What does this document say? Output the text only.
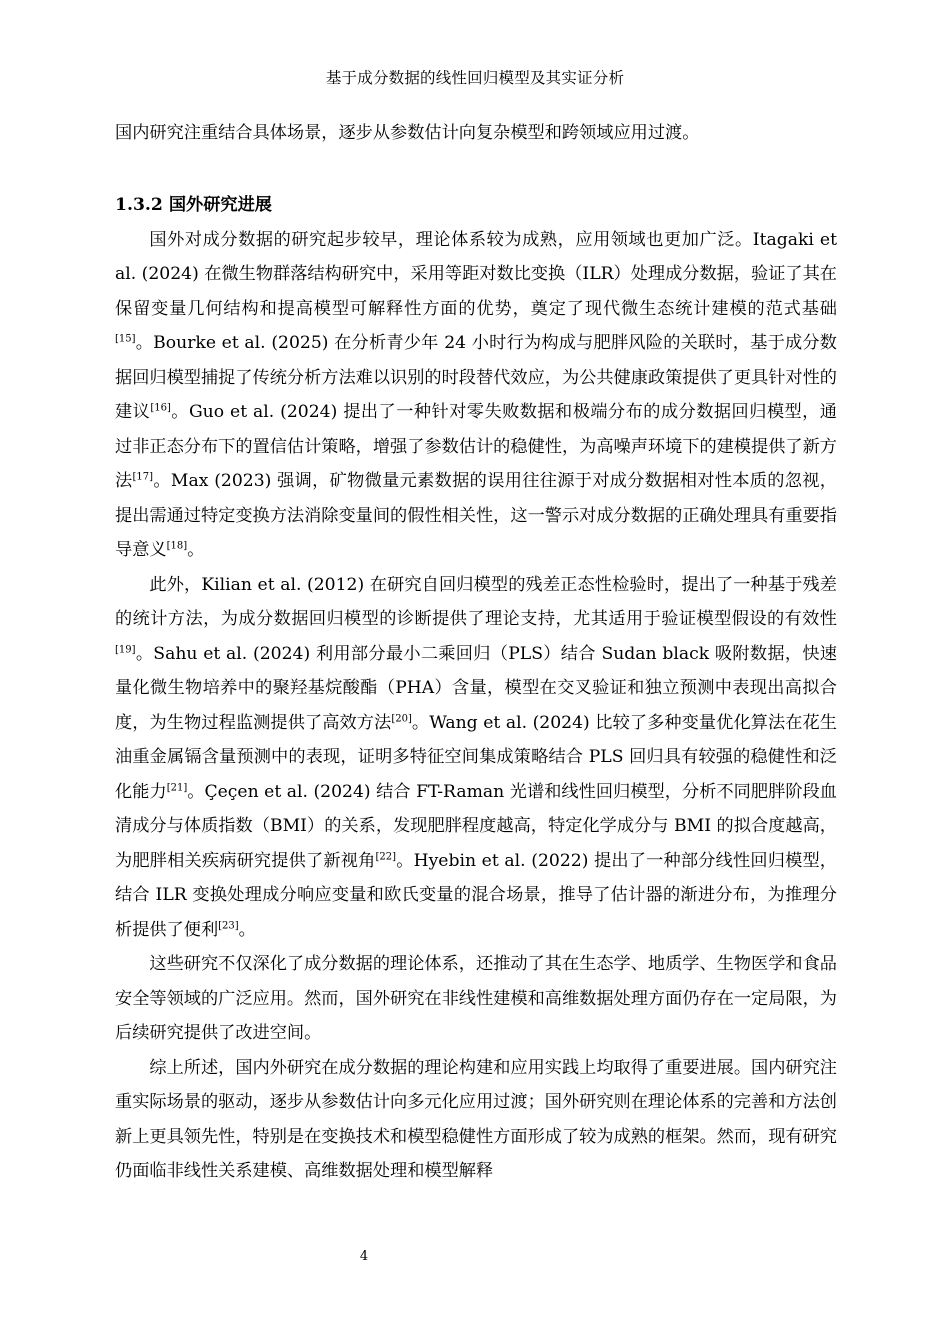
基于成分数据的线性回归模型及其实证分析

国内研究注重结合具体场景，逐步从参数估计向复杂模型和跨领域应用过渡。

1.3.2 国外研究进展

国外对成分数据的研究起步较早，理论体系较为成熟，应用领域也更加广泛。Itagaki et al. (2024) 在微生物群落结构研究中，采用等距对数比变换（ILR）处理成分数据，验证了其在保留变量几何结构和提高模型可解释性方面的优势，奠定了现代微生态统计建模的范式基础[15]。Bourke et al. (2025) 在分析青少年 24 小时行为构成与肥胖风险的关联时，基于成分数据回归模型捕捉了传统分析方法难以识别的时段替代效应，为公共健康政策提供了更具针对性的建议[16]。Guo et al. (2024) 提出了一种针对零失败数据和极端分布的成分数据回归模型，通过非正态分布下的置信估计策略，增强了参数估计的稳健性，为高噪声环境下的建模提供了新方法[17]。Max (2023) 强调，矿物微量元素数据的误用往往源于对成分数据相对性本质的忽视，提出需通过特定变换方法消除变量间的假性相关性，这一警示对成分数据的正确处理具有重要指导意义[18]。

此外，Kilian et al. (2012) 在研究自回归模型的残差正态性检验时，提出了一种基于残差的统计方法，为成分数据回归模型的诊断提供了理论支持，尤其适用于验证模型假设的有效性[19]。Sahu et al. (2024) 利用部分最小二乘回归（PLS）结合 Sudan black 吸附数据，快速量化微生物培养中的聚羟基烷酸酯（PHA）含量，模型在交叉验证和独立预测中表现出高拟合度，为生物过程监测提供了高效方法[20]。Wang et al. (2024) 比较了多种变量优化算法在花生油重金属镉含量预测中的表现，证明多特征空间集成策略结合 PLS 回归具有较强的稳健性和泛化能力[21]。Çeçen et al. (2024) 结合 FT-Raman 光谱和线性回归模型，分析不同肥胖阶段血清成分与体质指数（BMI）的关系，发现肥胖程度越高，特定化学成分与 BMI 的拟合度越高，为肥胖相关疾病研究提供了新视角[22]。Hyebin et al. (2022) 提出了一种部分线性回归模型，结合 ILR 变换处理成分响应变量和欧氏变量的混合场景，推导了估计器的渐进分布，为推理分析提供了便利[23]。

这些研究不仅深化了成分数据的理论体系，还推动了其在生态学、地质学、生物医学和食品安全等领域的广泛应用。然而，国外研究在非线性建模和高维数据处理方面仍存在一定局限，为后续研究提供了改进空间。

综上所述，国内外研究在成分数据的理论构建和应用实践上均取得了重要进展。国内研究注重实际场景的驱动，逐步从参数估计向多元化应用过渡；国外研究则在理论体系的完善和方法创新上更具领先性，特别是在变换技术和模型稳健性方面形成了较为成熟的框架。然而，现有研究仍面临非线性关系建模、高维数据处理和模型解释

4
